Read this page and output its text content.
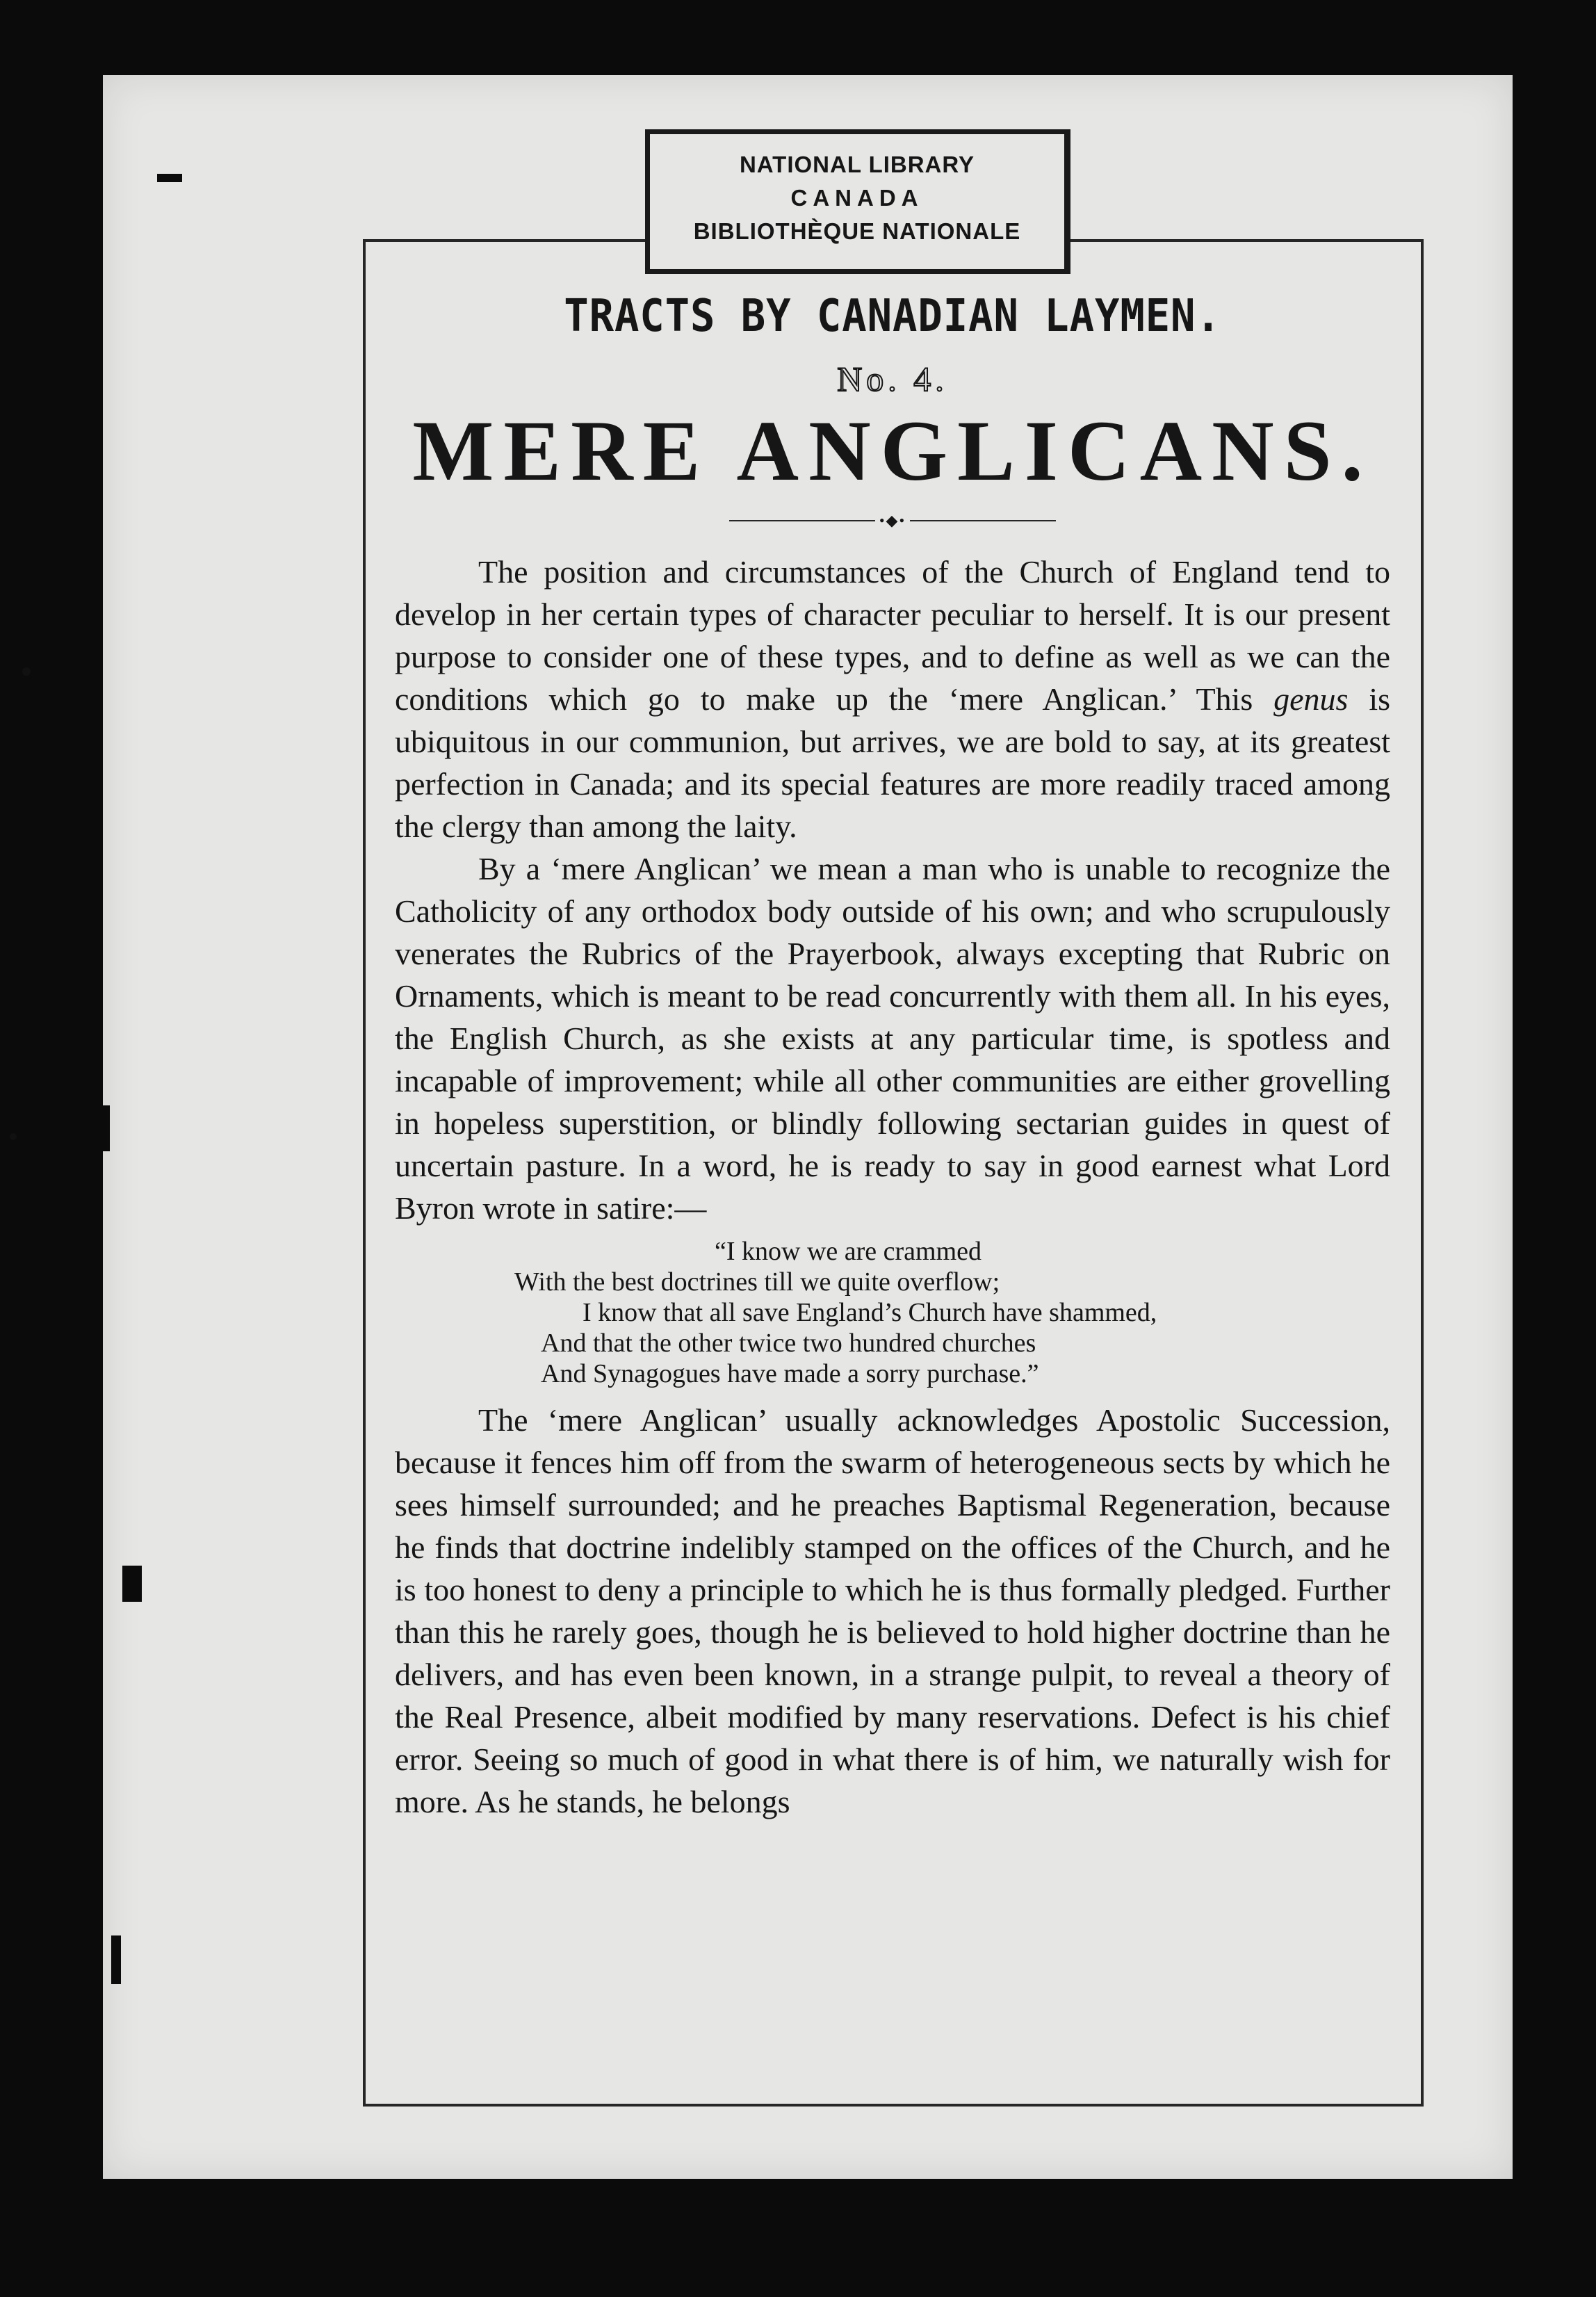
TRACTS BY CANADIAN LAYMEN.
No. 4.
MERE ANGLICANS.
•◆•

The position and circumstances of the Church of England tend to develop in her certain types of character peculiar to herself. It is our present purpose to consider one of these types, and to define as well as we can the conditions which go to make up the ‘mere Anglican.’ This genus is ubiquitous in our communion, but arrives, we are bold to say, at its greatest perfection in Canada; and its special features are more readily traced among the clergy than among the laity.

By a ‘mere Anglican’ we mean a man who is unable to recognize the Catholicity of any orthodox body outside of his own; and who scrupulously venerates the Rubrics of the Prayerbook, always excepting that Rubric on Ornaments, which is meant to be read concurrently with them all. In his eyes, the English Church, as she exists at any particular time, is spotless and incapable of improvement; while all other communities are either grovelling in hopeless superstition, or blindly following sectarian guides in quest of uncertain pasture. In a word, he is ready to say in good earnest what Lord Byron wrote in satire:—

“I know we are crammed
With the best doctrines till we quite overflow;
I know that all save England’s Church have shammed,
And that the other twice two hundred churches
And Synagogues have made a sorry purchase.”

The ‘mere Anglican’ usually acknowledges Apostolic Succession, because it fences him off from the swarm of heterogeneous sects by which he sees himself surrounded; and he preaches Baptismal Regeneration, because he finds that doctrine indelibly stamped on the offices of the Church, and he is too honest to deny a principle to which he is thus formally pledged. Further than this he rarely goes, though he is believed to hold higher doctrine than he delivers, and has even been known, in a strange pulpit, to reveal a theory of the Real Presence, albeit modified by many reservations. Defect is his chief error. Seeing so much of good in what there is of him, we naturally wish for more. As he stands, he belongs

NATIONAL LIBRARY
CANADA
BIBLIOTHÈQUE NATIONALE
